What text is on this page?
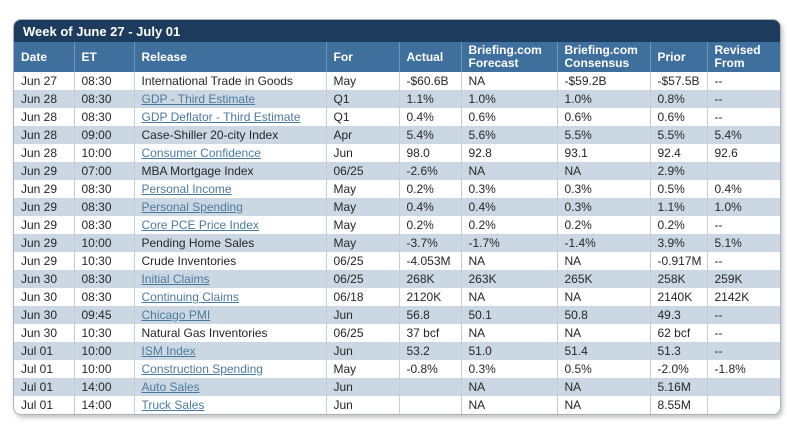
Week of June 27 - July 01
Date	ET	Release	For	Actual	Briefing.com Forecast	Briefing.com Consensus	Prior	Revised From
Jun 27	08:30	International Trade in Goods	May	-$60.6B	NA	-$59.2B	-$57.5B	--
Jun 28	08:30	GDP - Third Estimate	Q1	1.1%	1.0%	1.0%	0.8%	--
Jun 28	08:30	GDP Deflator - Third Estimate	Q1	0.4%	0.6%	0.6%	0.6%	--
Jun 28	09:00	Case-Shiller 20-city Index	Apr	5.4%	5.6%	5.5%	5.5%	5.4%
Jun 28	10:00	Consumer Confidence	Jun	98.0	92.8	93.1	92.4	92.6
Jun 29	07:00	MBA Mortgage Index	06/25	-2.6%	NA	NA	2.9%	
Jun 29	08:30	Personal Income	May	0.2%	0.3%	0.3%	0.5%	0.4%
Jun 29	08:30	Personal Spending	May	0.4%	0.4%	0.3%	1.1%	1.0%
Jun 29	08:30	Core PCE Price Index	May	0.2%	0.2%	0.2%	0.2%	--
Jun 29	10:00	Pending Home Sales	May	-3.7%	-1.7%	-1.4%	3.9%	5.1%
Jun 29	10:30	Crude Inventories	06/25	-4.053M	NA	NA	-0.917M	--
Jun 30	08:30	Initial Claims	06/25	268K	263K	265K	258K	259K
Jun 30	08:30	Continuing Claims	06/18	2120K	NA	NA	2140K	2142K
Jun 30	09:45	Chicago PMI	Jun	56.8	50.1	50.8	49.3	--
Jun 30	10:30	Natural Gas Inventories	06/25	37 bcf	NA	NA	62 bcf	--
Jul 01	10:00	ISM Index	Jun	53.2	51.0	51.4	51.3	--
Jul 01	10:00	Construction Spending	May	-0.8%	0.3%	0.5%	-2.0%	-1.8%
Jul 01	14:00	Auto Sales	Jun		NA	NA	5.16M	
Jul 01	14:00	Truck Sales	Jun		NA	NA	8.55M	
